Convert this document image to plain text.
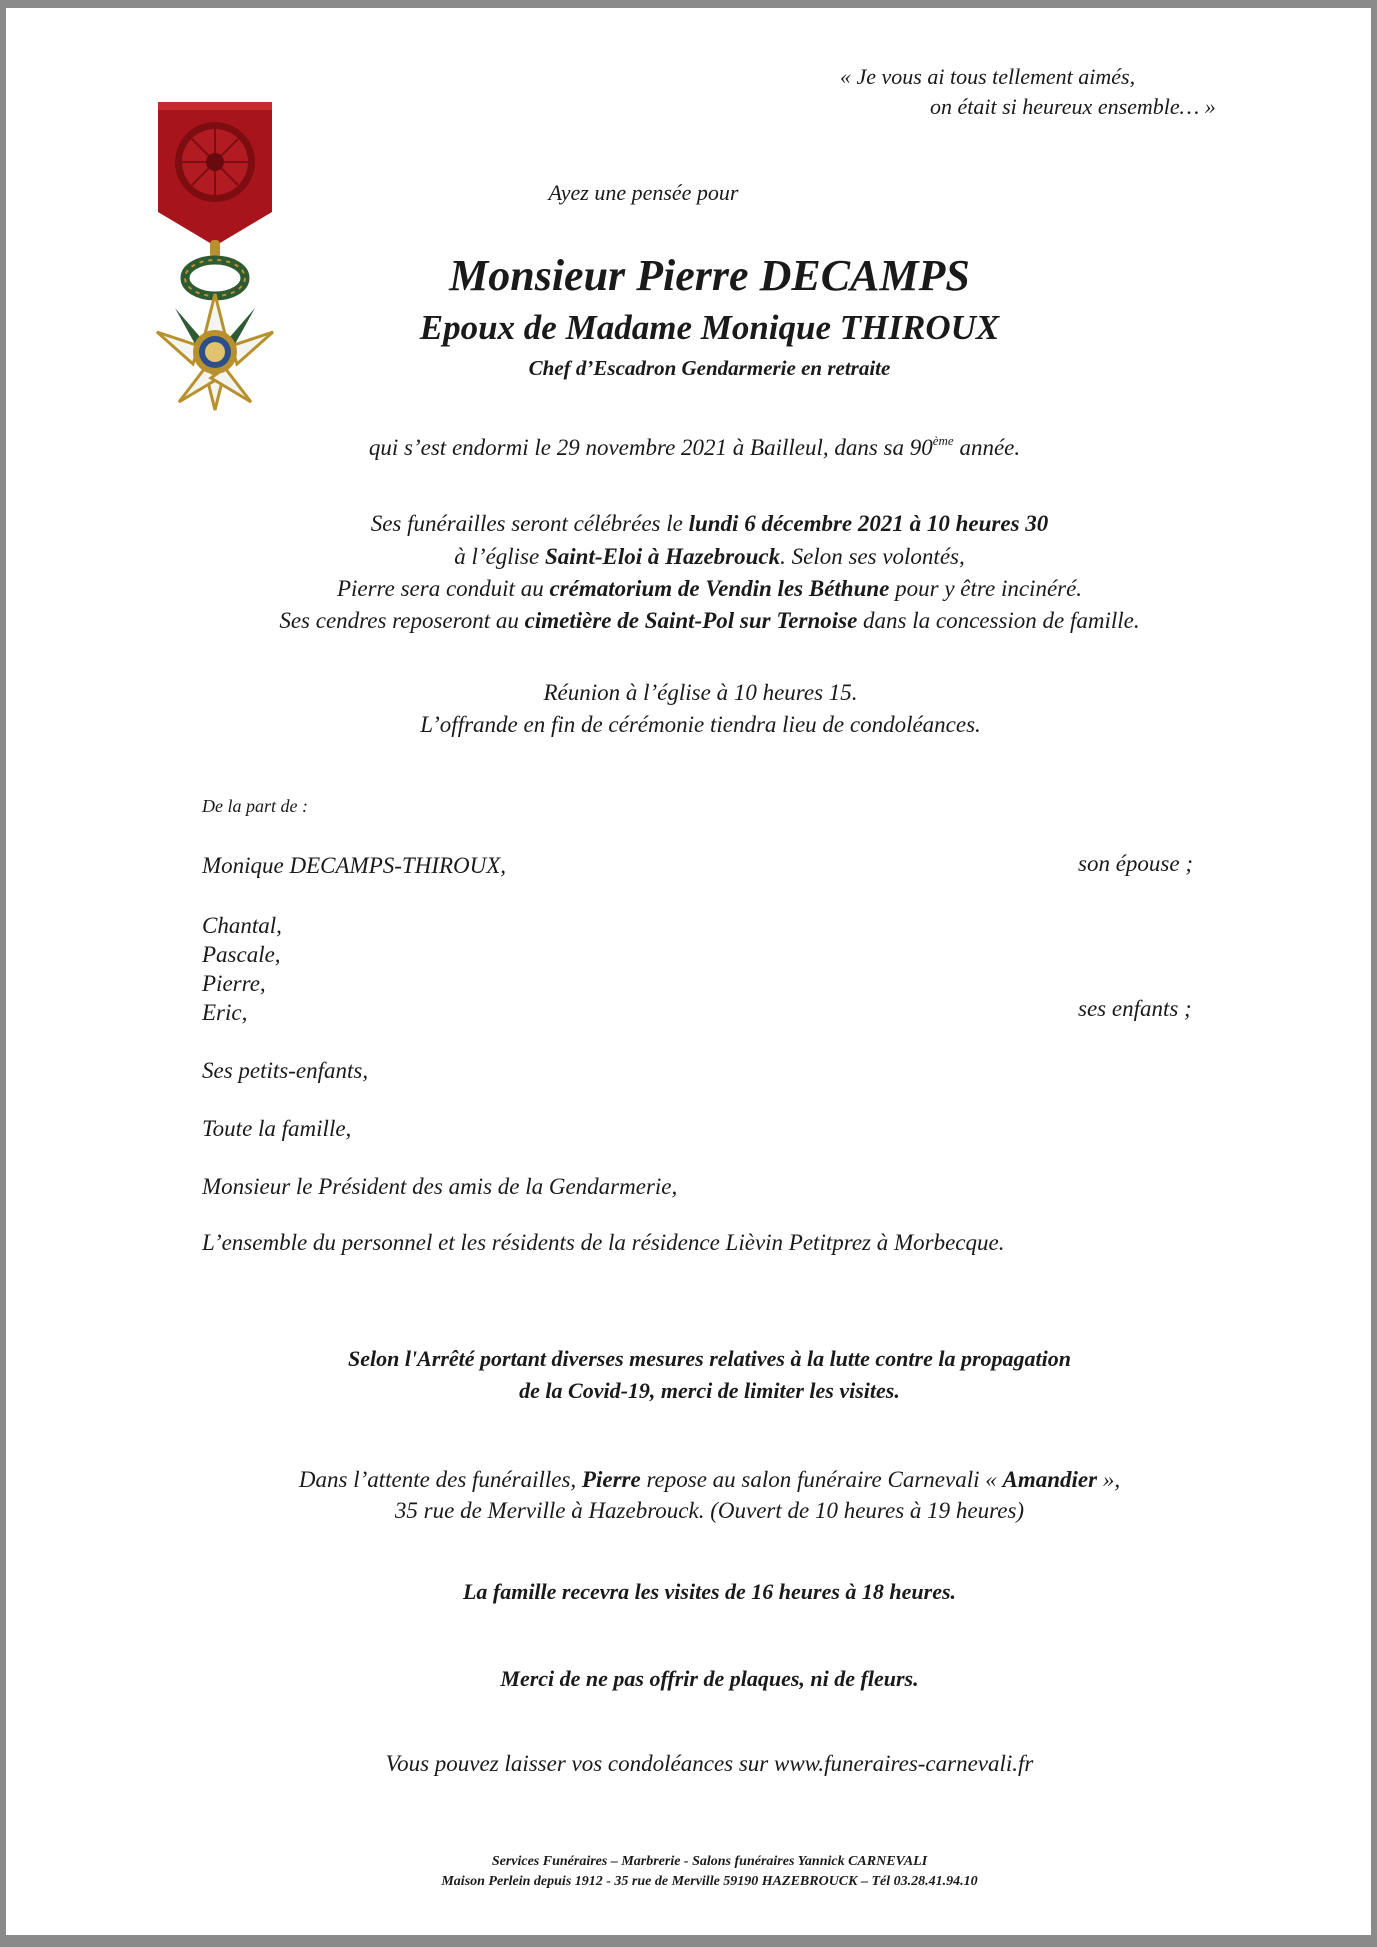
« Je vous ai tous tellement aimés,
on était si heureux ensemble… »
Ayez une pensée pour
Monsieur Pierre DECAMPS
Epoux de Madame Monique THIROUX
Chef d’Escadron Gendarmerie en retraite
qui s’est endormi le 29 novembre 2021 à Bailleul, dans sa 90ème année.
Ses funérailles seront célébrées le lundi 6 décembre 2021 à 10 heures 30
à l’église Saint-Eloi à Hazebrouck. Selon ses volontés,
Pierre sera conduit au crématorium de Vendin les Béthune pour y être incinéré.
Ses cendres reposeront au cimetière de Saint-Pol sur Ternoise dans la concession de famille.
Réunion à l’église à 10 heures 15.
L’offrande en fin de cérémonie tiendra lieu de condoléances.
De la part de :
Monique DECAMPS-THIROUX,	son épouse ;
Chantal,
Pascale,
Pierre,
Eric,	ses enfants ;
Ses petits-enfants,
Toute la famille,
Monsieur le Président des amis de la Gendarmerie,
L’ensemble du personnel et les résidents de la résidence Lièvin Petitprez à Morbecque.
Selon l'Arrêté portant diverses mesures relatives à la lutte contre la propagation
de la Covid-19, merci de limiter les visites.
Dans l’attente des funérailles, Pierre repose au salon funéraire Carnevali « Amandier »,
35 rue de Merville à Hazebrouck. (Ouvert de 10 heures à 19 heures)
La famille recevra les visites de 16 heures à 18 heures.
Merci de ne pas offrir de plaques, ni de fleurs.
Vous pouvez laisser vos condoléances sur www.funeraires-carnevali.fr
Services Funéraires – Marbrerie - Salons funéraires Yannick CARNEVALI
Maison Perlein depuis 1912 - 35 rue de Merville 59190 HAZEBROUCK – Tél 03.28.41.94.10
